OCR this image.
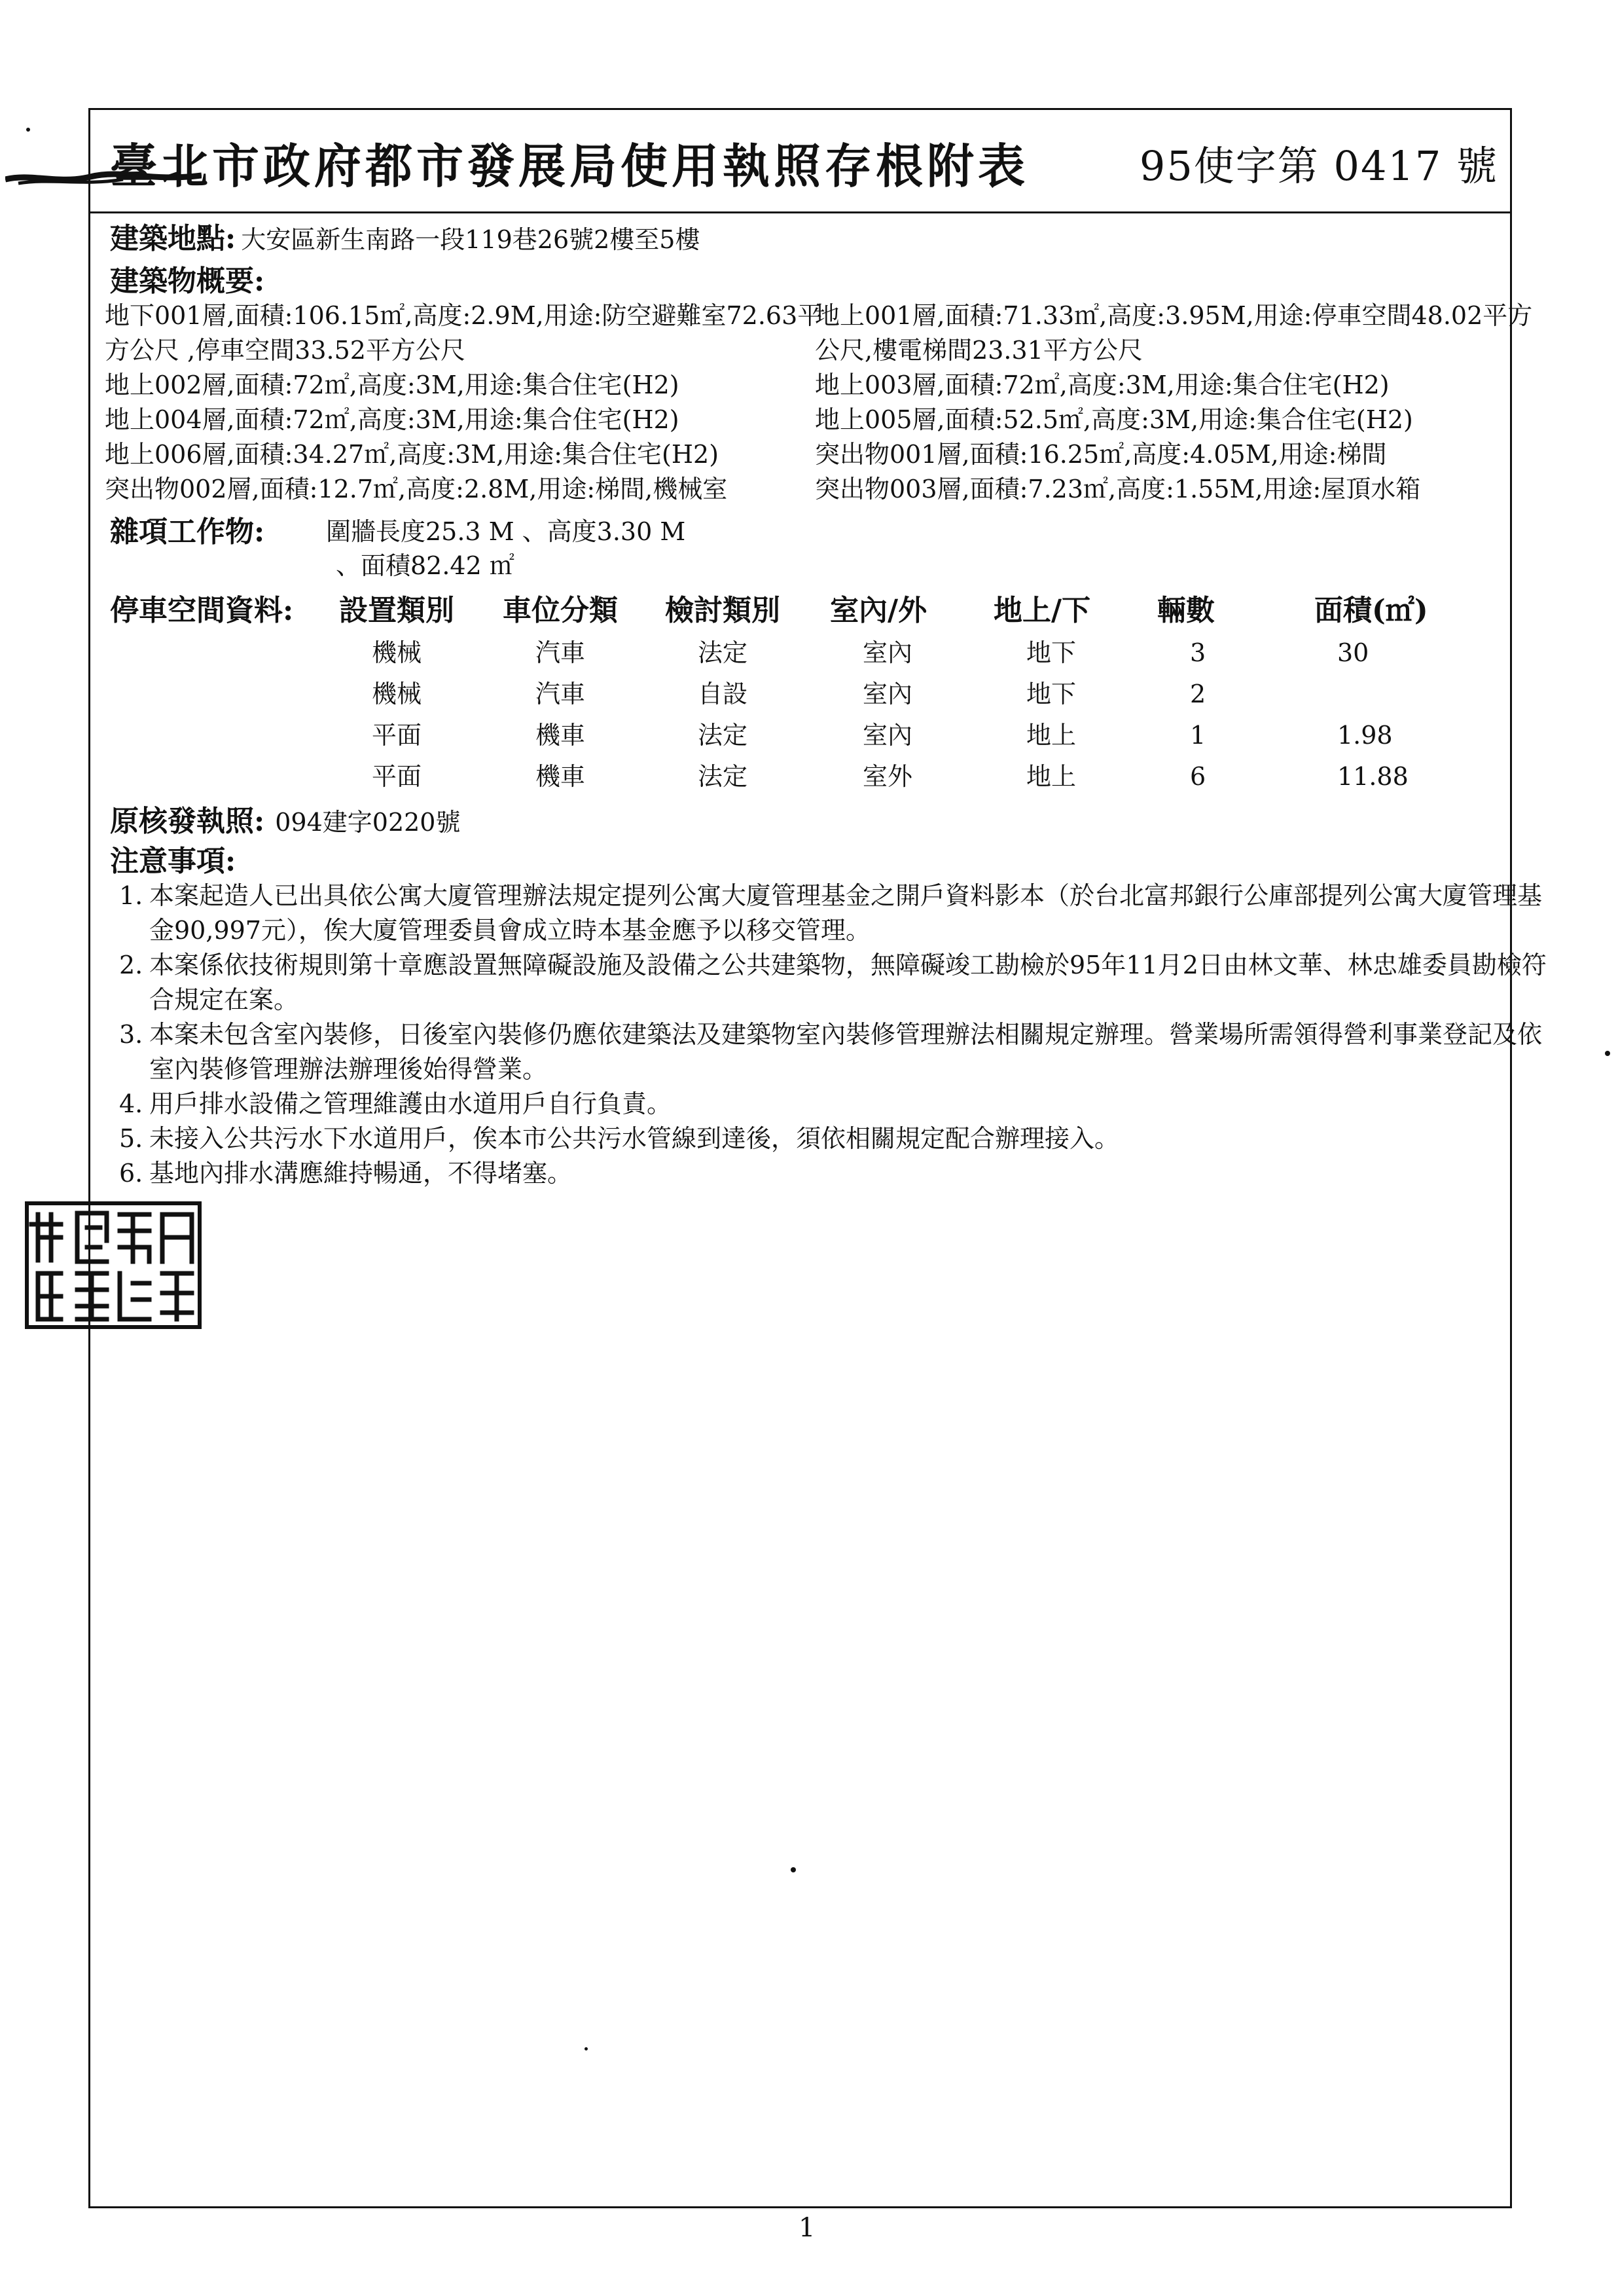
臺北市政府都市發展局使用執照存根附表	95使字第 0417 號
建築地點: 大安區新生南路一段119巷26號2樓至5樓
建築物概要:
地下001層,面積:106.15㎡,高度:2.9M,用途:防空避難室72.63平
地上001層,面積:71.33㎡,高度:3.95M,用途:停車空間48.02平方
方公尺 ,停車空間33.52平方公尺	公尺,樓電梯間23.31平方公尺
地上002層,面積:72㎡,高度:3M,用途:集合住宅(H2)	地上003層,面積:72㎡,高度:3M,用途:集合住宅(H2)
地上004層,面積:72㎡,高度:3M,用途:集合住宅(H2)	地上005層,面積:52.5㎡,高度:3M,用途:集合住宅(H2)
地上006層,面積:34.27㎡,高度:3M,用途:集合住宅(H2)	突出物001層,面積:16.25㎡,高度:4.05M,用途:梯間
突出物002層,面積:12.7㎡,高度:2.8M,用途:梯間,機械室	突出物003層,面積:7.23㎡,高度:1.55M,用途:屋頂水箱
雜項工作物: 圍牆長度25.3 M 、高度3.30 M
、面積82.42 ㎡
停車空間資料: 設置類別 車位分類 檢討類別 室內/外 地上/下 輛數	面積(㎡)
機械	汽車	法定	室內	地下	3	30
機械	汽車	自設	室內	地下	2
平面	機車	法定	室內	地上	1	1.98
平面	機車	法定	室外	地上	6	11.88
原核發執照: 094建字0220號
注意事項:
1. 本案起造人已出具依公寓大廈管理辦法規定提列公寓大廈管理基金之開戶資料影本（於台北富邦銀行公庫部提列公寓大廈管理基金90,997元），俟大廈管理委員會成立時本基金應予以移交管理。
2. 本案係依技術規則第十章應設置無障礙設施及設備之公共建築物，無障礙竣工勘檢於95年11月2日由林文華、林忠雄委員勘檢符合規定在案。
3. 本案未包含室內裝修，日後室內裝修仍應依建築法及建築物室內裝修管理辦法相關規定辦理。營業場所需領得營利事業登記及依室內裝修管理辦法辦理後始得營業。
4. 用戶排水設備之管理維護由水道用戶自行負責。
5. 未接入公共污水下水道用戶，俟本市公共污水管線到達後，須依相關規定配合辦理接入。
6. 基地內排水溝應維持暢通，不得堵塞。
1
